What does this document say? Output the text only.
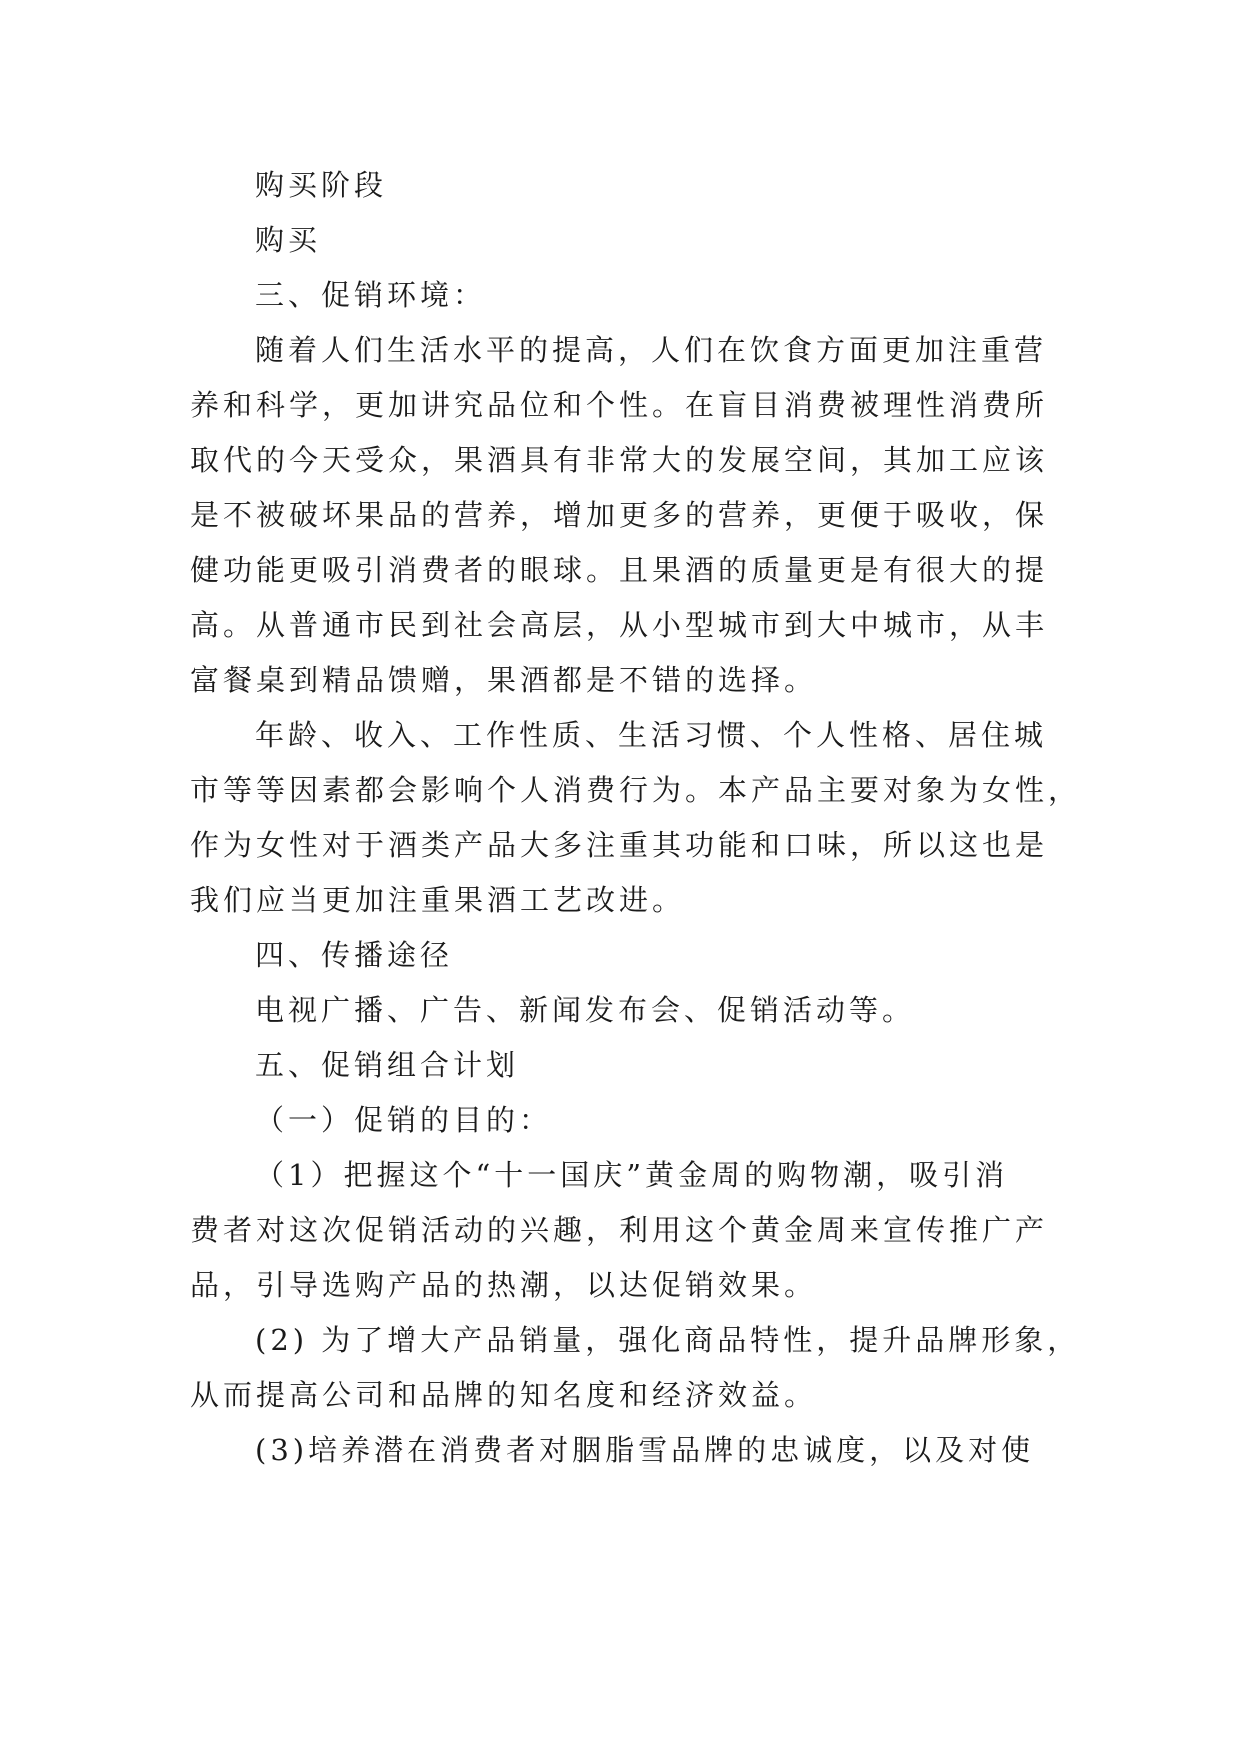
购买阶段

购买

三、促销环境：

随着人们生活水平的提高，人们在饮食方面更加注重营
养和科学，更加讲究品位和个性。在盲目消费被理性消费所
取代的今天受众，果酒具有非常大的发展空间，其加工应该
是不被破坏果品的营养，增加更多的营养，更便于吸收，保
健功能更吸引消费者的眼球。且果酒的质量更是有很大的提
高。从普通市民到社会高层，从小型城市到大中城市，从丰
富餐桌到精品馈赠，果酒都是不错的选择。
年龄、收入、工作性质、生活习惯、个人性格、居住城
市等等因素都会影响个人消费行为。本产品主要对象为女性，
作为女性对于酒类产品大多注重其功能和口味，所以这也是
我们应当更加注重果酒工艺改进。

四、传播途径

电视广播、广告、新闻发布会、促销活动等。

五、促销组合计划

（一）促销的目的：

（1）把握这个“十一国庆”黄金周的购物潮，吸引消
费者对这次促销活动的兴趣，利用这个黄金周来宣传推广产
品，引导选购产品的热潮，以达促销效果。
(2) 为了增大产品销量，强化商品特性，提升品牌形象，
从而提高公司和品牌的知名度和经济效益。
(3)培养潜在消费者对胭脂雪品牌的忠诚度，以及对使
